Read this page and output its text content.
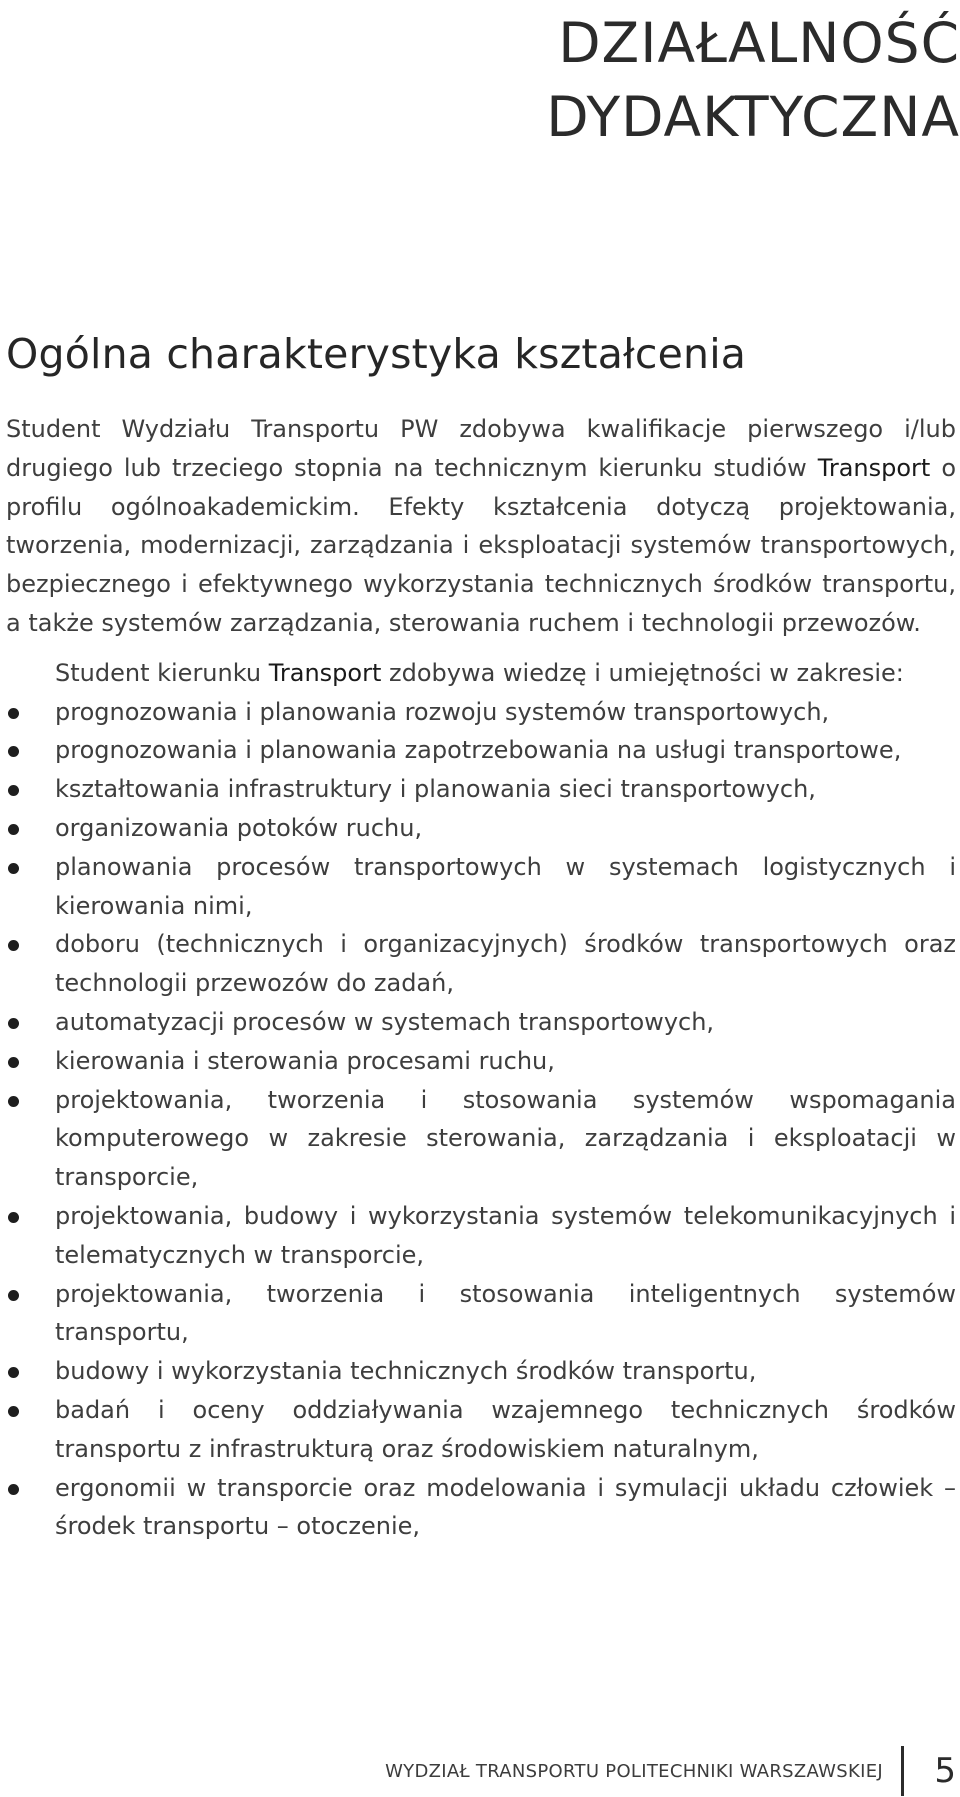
DZIAŁALNOŚĆ
DYDAKTYCZNA
Ogólna charakterystyka kształcenia

Student Wydziału Transportu PW zdobywa kwalifikacje pierwszego i/lub drugiego lub trzeciego stopnia na technicznym kierunku studiów Transport o profilu ogólnoakademickim. Efekty kształcenia dotyczą projektowania, tworzenia, modernizacji, zarządzania i eksploatacji systemów transportowych, bezpiecznego i efektywnego wykorzystania technicznych środków transportu, a także systemów zarządzania, sterowania ruchem i technologii przewozów.

Student kierunku Transport zdobywa wiedzę i umiejętności w zakresie:

prognozowania i planowania rozwoju systemów transportowych,
prognozowania i planowania zapotrzebowania na usługi transportowe,
kształtowania infrastruktury i planowania sieci transportowych,
organizowania potoków ruchu,
planowania procesów transportowych w systemach logistycznych i kierowania nimi,
doboru (technicznych i organizacyjnych) środków transportowych oraz technologii przewozów do zadań,
automatyzacji procesów w systemach transportowych,
kierowania i sterowania procesami ruchu,
projektowania, tworzenia i stosowania systemów wspomagania komputerowego w zakresie sterowania, zarządzania i eksploatacji w transporcie,
projektowania, budowy i wykorzystania systemów telekomunikacyjnych i telematycznych w transporcie,
projektowania, tworzenia i stosowania inteligentnych systemów transportu,
budowy i wykorzystania technicznych środków transportu,
badań i oceny oddziaływania wzajemnego technicznych środków transportu z infrastrukturą oraz środowiskiem naturalnym,
ergonomii w transporcie oraz modelowania i symulacji układu człowiek – środek transportu – otoczenie,
WYDZIAŁ TRANSPORTU POLITECHNIKI WARSZAWSKIEJ	5
